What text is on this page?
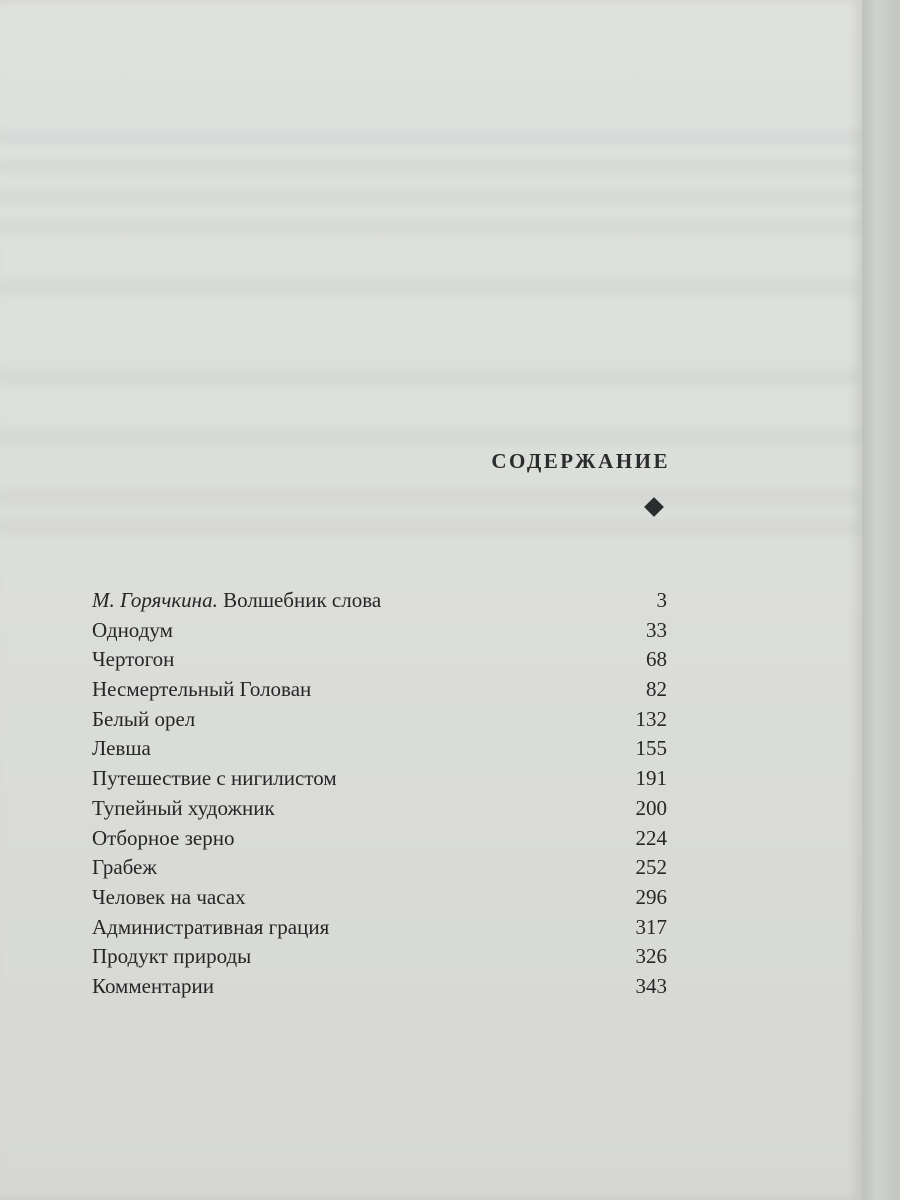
СОДЕРЖАНИЕ
М. Горячкина. Волшебник слова	3
Однодум	33
Чертогон	68
Несмертельный Голован	82
Белый орел	132
Левша	155
Путешествие с нигилистом	191
Тупейный художник	200
Отборное зерно	224
Грабеж	252
Человек на часах	296
Административная грация	317
Продукт природы	326
Комментарии	343
